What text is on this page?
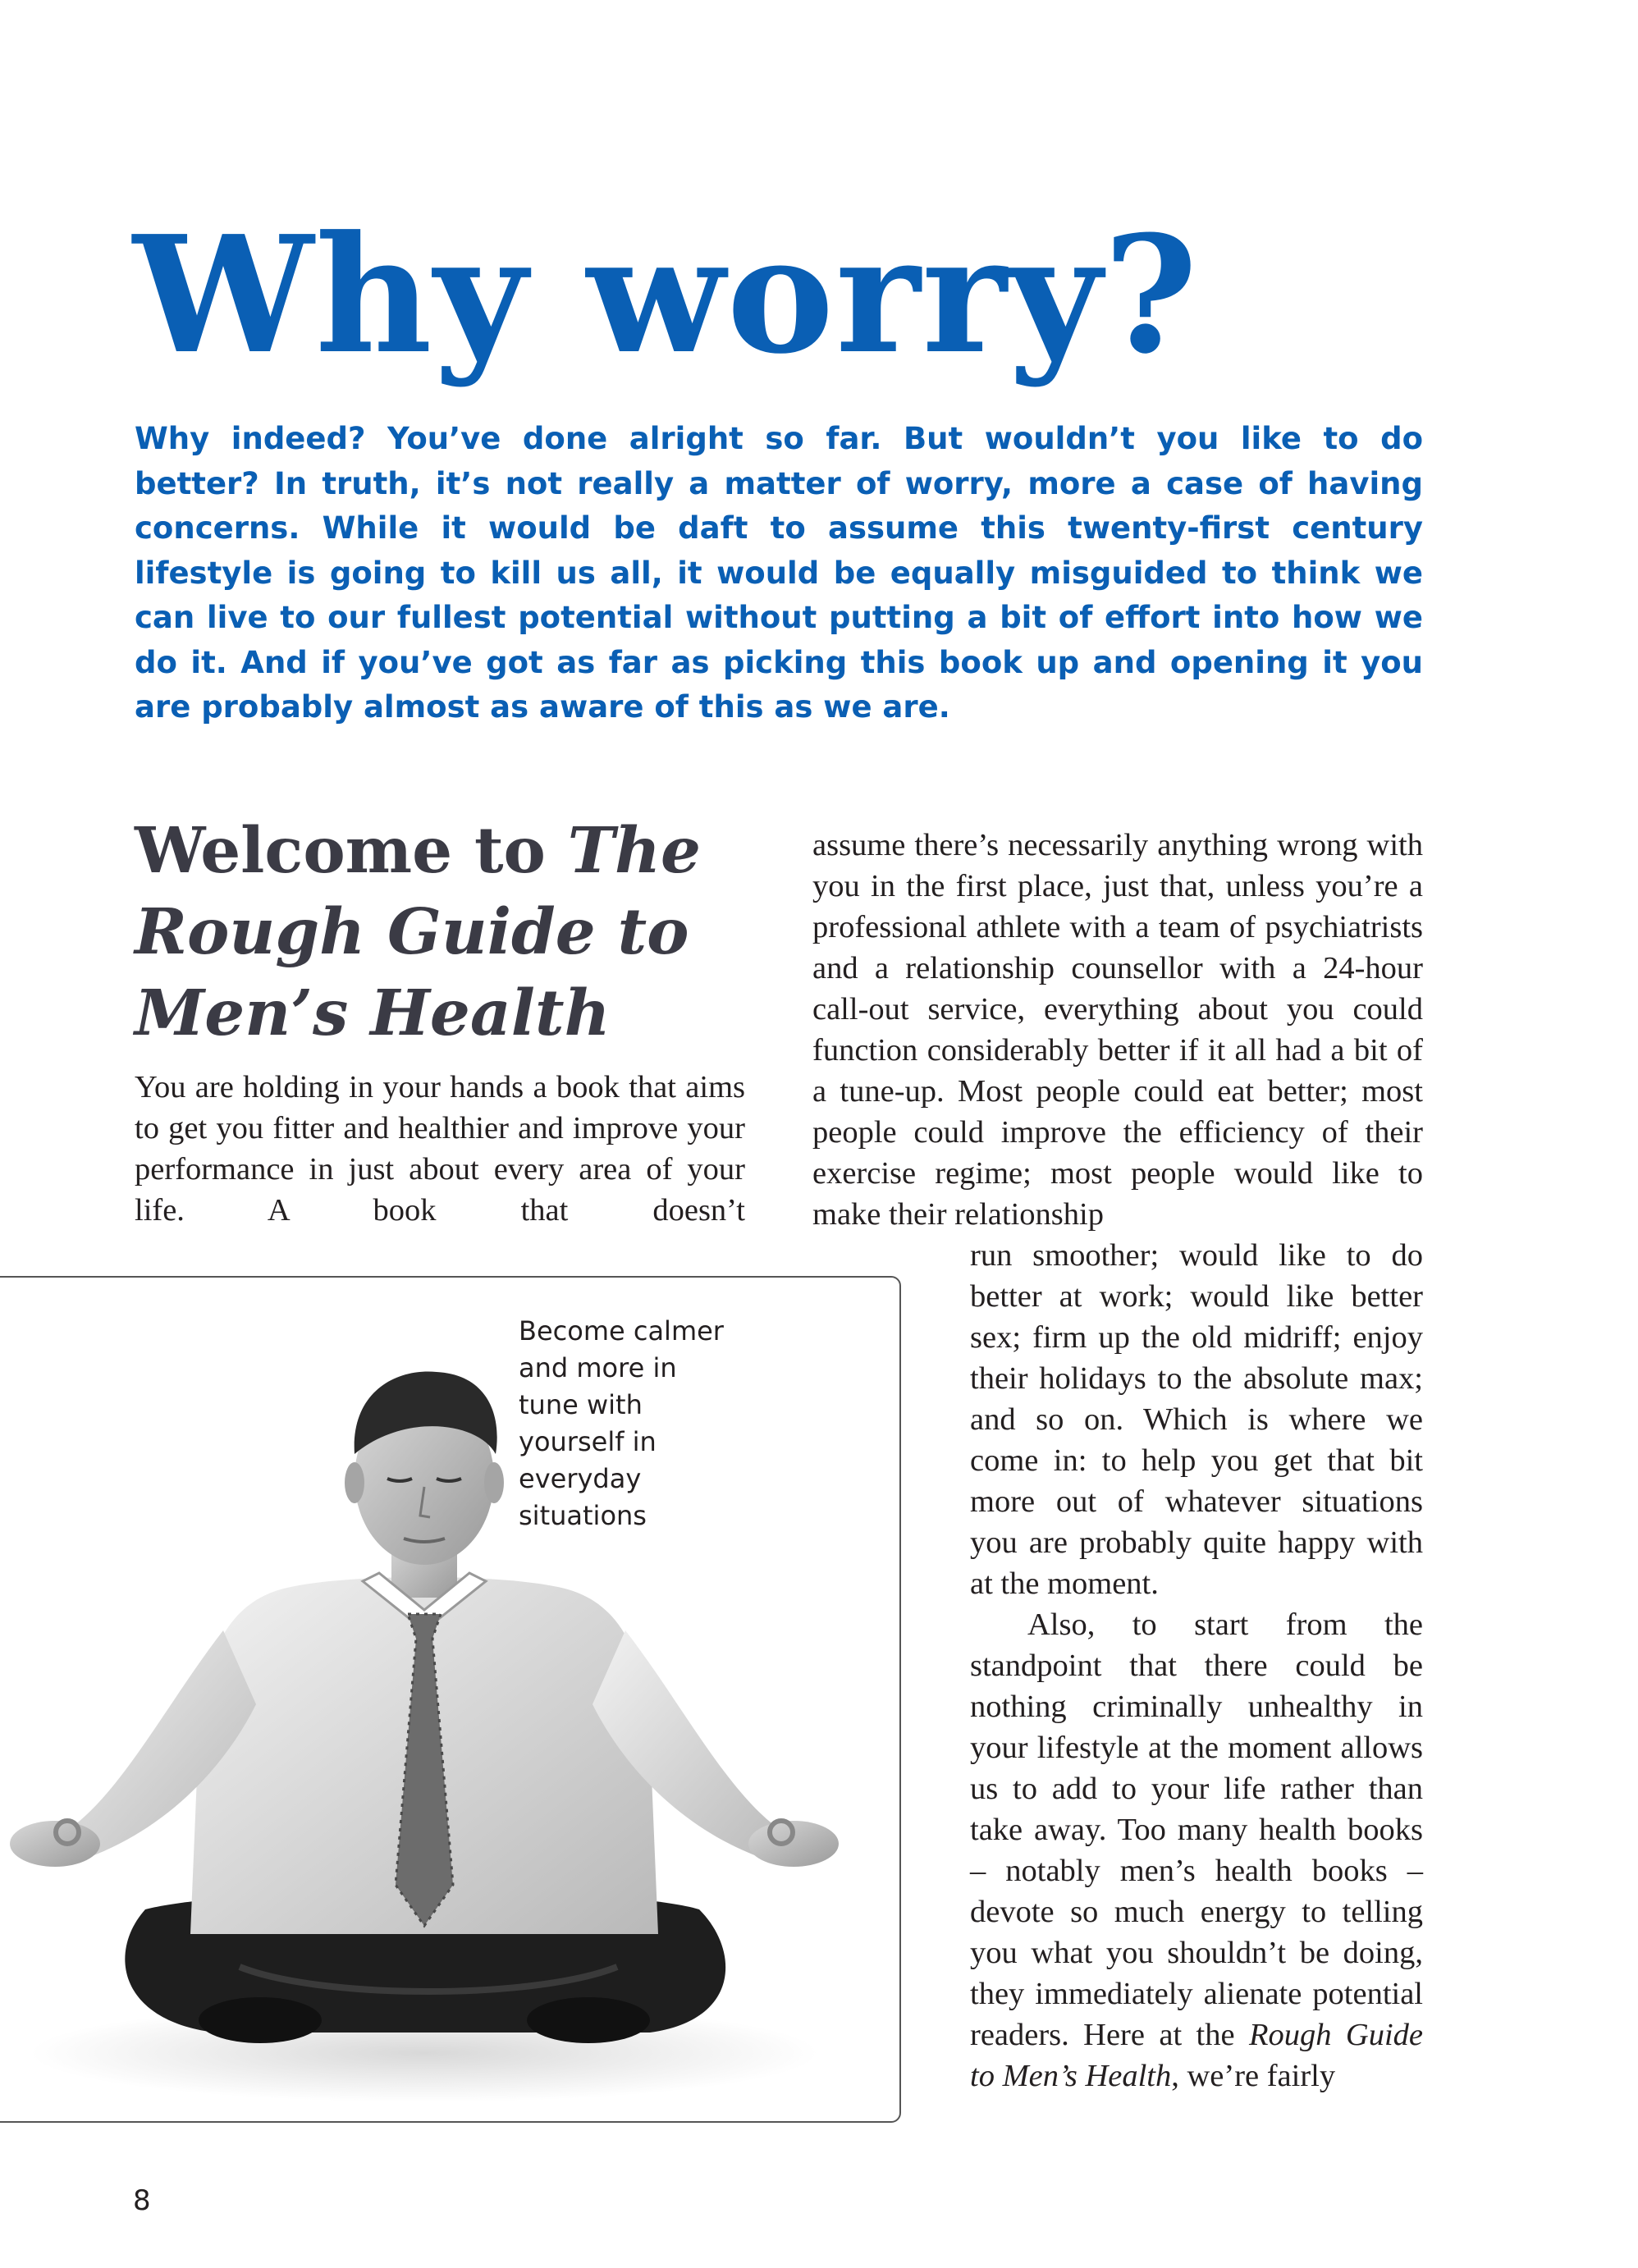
Why worry?

Why indeed? You’ve done alright so far. But wouldn’t you like to do better? In truth, it’s not really a matter of worry, more a case of having concerns. While it would be daft to assume this twenty-first century lifestyle is going to kill us all, it would be equally misguided to think we can live to our fullest potential without putting a bit of effort into how we do it. And if you’ve got as far as picking this book up and opening it you are probably almost as aware of this as we are.

Welcome to The Rough Guide to Men’s Health

You are holding in your hands a book that aims to get you fitter and healthier and improve your performance in just about every area of your life. A book that doesn’t

assume there’s necessarily anything wrong with you in the first place, just that, unless you’re a professional athlete with a team of psychiatrists and a relationship counsellor with a 24-hour call-out service, everything about you could function considerably better if it all had a bit of a tune-up. Most people could eat better; most people could improve the efficiency of their exercise regime; most people would like to make their relationship

Become calmer and more in tune with yourself in everyday situations

run smoother; would like to do better at work; would like better sex; firm up the old midriff; enjoy their holidays to the absolute max; and so on. Which is where we come in: to help you get that bit more out of whatever situations you are probably quite happy with at the moment.

Also, to start from the standpoint that there could be nothing criminally unhealthy in your lifestyle at the moment allows us to add to your life rather than take away. Too many health books – notably men’s health books – devote so much energy to telling you what you shouldn’t be doing, they immediately alienate potential readers. Here at the Rough Guide to Men’s Health, we’re fairly

8
